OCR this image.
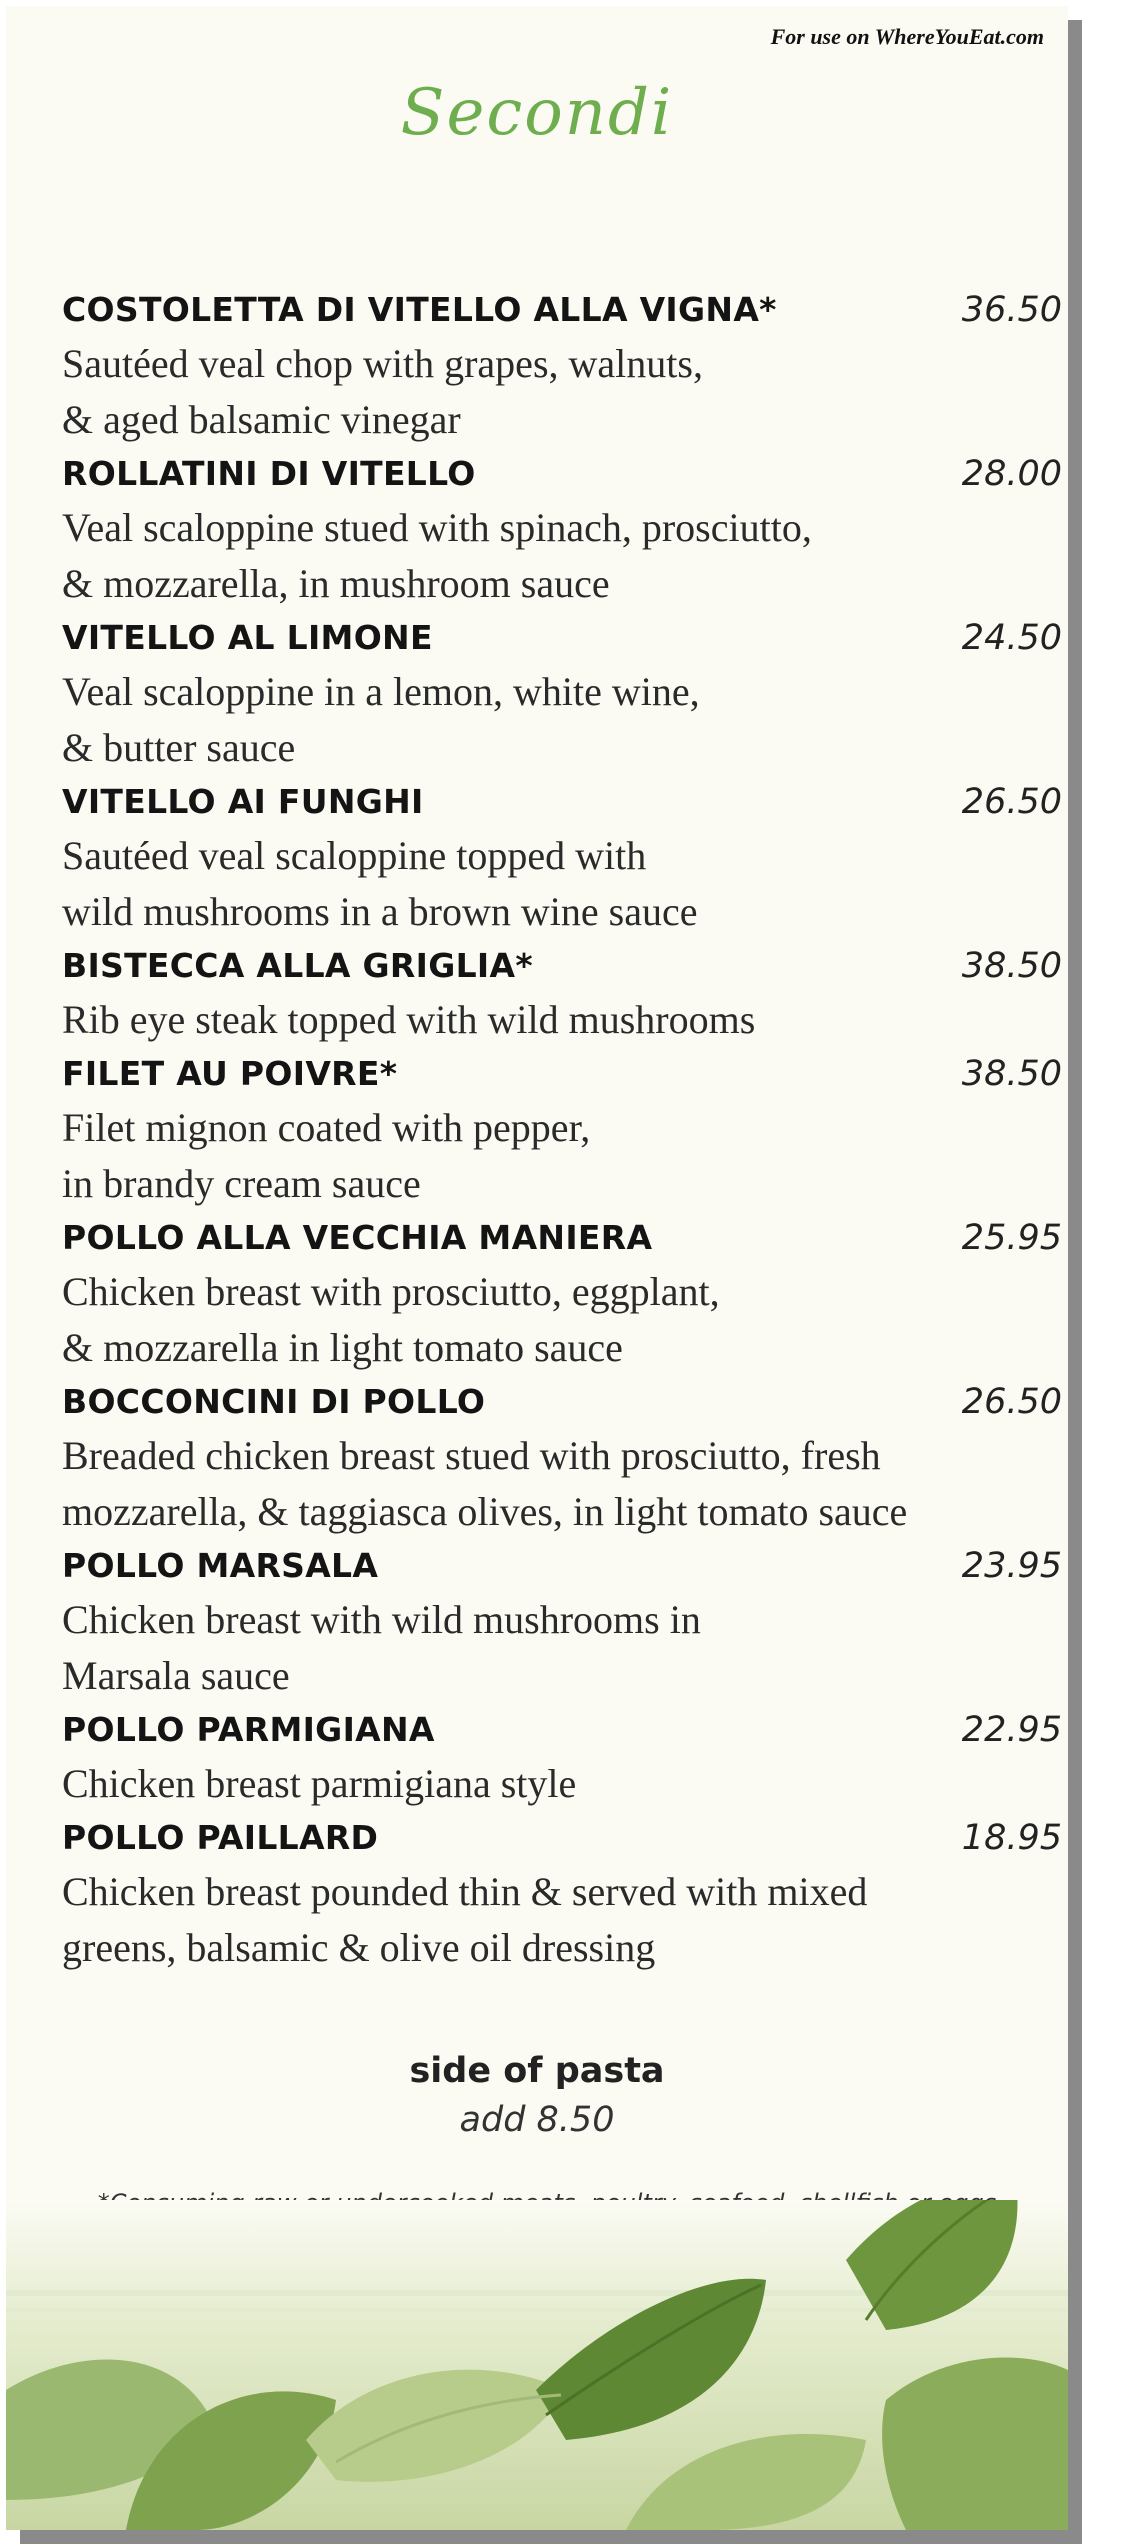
For use on WhereYouEat.com
Secondi
COSTOLETTA DI VITELLO ALLA VIGNA*	36.50
Sautéed veal chop with grapes, walnuts,
& aged balsamic vinegar
ROLLATINI DI VITELLO	28.00
Veal scaloppine stued with spinach, prosciutto,
& mozzarella, in mushroom sauce
VITELLO AL LIMONE	24.50
Veal scaloppine in a lemon, white wine,
& butter sauce
VITELLO AI FUNGHI	26.50
Sautéed veal scaloppine topped with
wild mushrooms in a brown wine sauce
BISTECCA ALLA GRIGLIA*	38.50
Rib eye steak topped with wild mushrooms
FILET AU POIVRE*	38.50
Filet mignon coated with pepper,
in brandy cream sauce
POLLO ALLA VECCHIA MANIERA	25.95
Chicken breast with prosciutto, eggplant,
& mozzarella in light tomato sauce
BOCCONCINI DI POLLO	26.50
Breaded chicken breast stued with prosciutto, fresh
mozzarella, & taggiasca olives, in light tomato sauce
POLLO MARSALA	23.95
Chicken breast with wild mushrooms in
Marsala sauce
POLLO PARMIGIANA	22.95
Chicken breast parmigiana style
POLLO PAILLARD	18.95
Chicken breast pounded thin & served with mixed
greens, balsamic & olive oil dressing
side of pasta
add 8.50
